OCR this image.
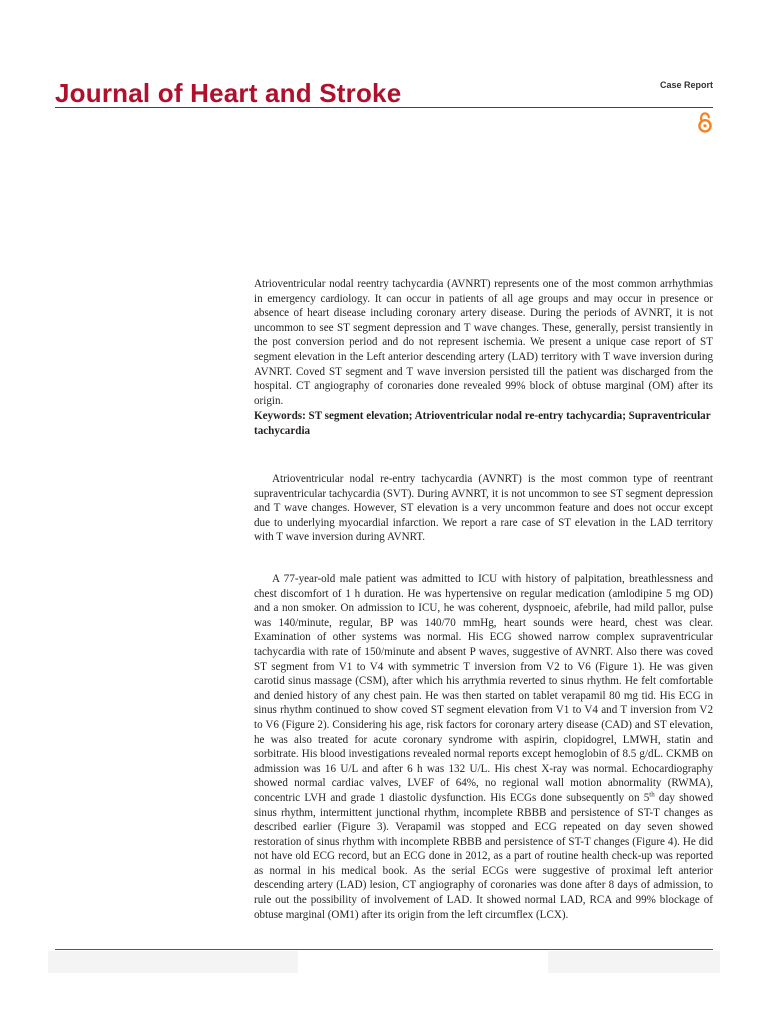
Journal of Heart and Stroke	Case Report

Atrioventricular nodal reentry tachycardia (AVNRT) represents one of the most common arrhythmias in emergency cardiology. It can occur in patients of all age groups and may occur in presence or absence of heart disease including coronary artery disease. During the periods of AVNRT, it is not uncommon to see ST segment depression and T wave changes. These, generally, persist transiently in the post conversion period and do not represent ischemia. We present a unique case report of ST segment elevation in the Left anterior descending artery (LAD) territory with T wave inversion during AVNRT. Coved ST segment and T wave inversion persisted till the patient was discharged from the hospital. CT angiography of coronaries done revealed 99% block of obtuse marginal (OM) after its origin.

Keywords: ST segment elevation; Atrioventricular nodal re-entry tachycardia; Supraventricular tachycardia

Atrioventricular nodal re-entry tachycardia (AVNRT) is the most common type of reentrant supraventricular tachycardia (SVT). During AVNRT, it is not uncommon to see ST segment depression and T wave changes. However, ST elevation is a very uncommon feature and does not occur except due to underlying myocardial infarction. We report a rare case of ST elevation in the LAD territory with T wave inversion during AVNRT.

A 77-year-old male patient was admitted to ICU with history of palpitation, breathlessness and chest discomfort of 1 h duration. He was hypertensive on regular medication (amlodipine 5 mg OD) and a non smoker. On admission to ICU, he was coherent, dyspnoeic, afebrile, had mild pallor, pulse was 140/minute, regular, BP was 140/70 mmHg, heart sounds were heard, chest was clear. Examination of other systems was normal. His ECG showed narrow complex supraventricular tachycardia with rate of 150/minute and absent P waves, suggestive of AVNRT. Also there was coved ST segment from V1 to V4 with symmetric T inversion from V2 to V6 (Figure 1). He was given carotid sinus massage (CSM), after which his arrythmia reverted to sinus rhythm. He felt comfortable and denied history of any chest pain. He was then started on tablet verapamil 80 mg tid. His ECG in sinus rhythm continued to show coved ST segment elevation from V1 to V4 and T inversion from V2 to V6 (Figure 2). Considering his age, risk factors for coronary artery disease (CAD) and ST elevation, he was also treated for acute coronary syndrome with aspirin, clopidogrel, LMWH, statin and sorbitrate. His blood investigations revealed normal reports except hemoglobin of 8.5 g/dL. CKMB on admission was 16 U/L and after 6 h was 132 U/L. His chest X-ray was normal. Echocardiography showed normal cardiac valves, LVEF of 64%, no regional wall motion abnormality (RWMA), concentric LVH and grade 1 diastolic dysfunction. His ECGs done subsequently on 5th day showed sinus rhythm, intermittent junctional rhythm, incomplete RBBB and persistence of ST-T changes as described earlier (Figure 3). Verapamil was stopped and ECG repeated on day seven showed restoration of sinus rhythm with incomplete RBBB and persistence of ST-T changes (Figure 4). He did not have old ECG record, but an ECG done in 2012, as a part of routine health check-up was reported as normal in his medical book. As the serial ECGs were suggestive of proximal left anterior descending artery (LAD) lesion, CT angiography of coronaries was done after 8 days of admission, to rule out the possibility of involvement of LAD. It showed normal LAD, RCA and 99% blockage of obtuse marginal (OM1) after its origin from the left circumflex (LCX).
